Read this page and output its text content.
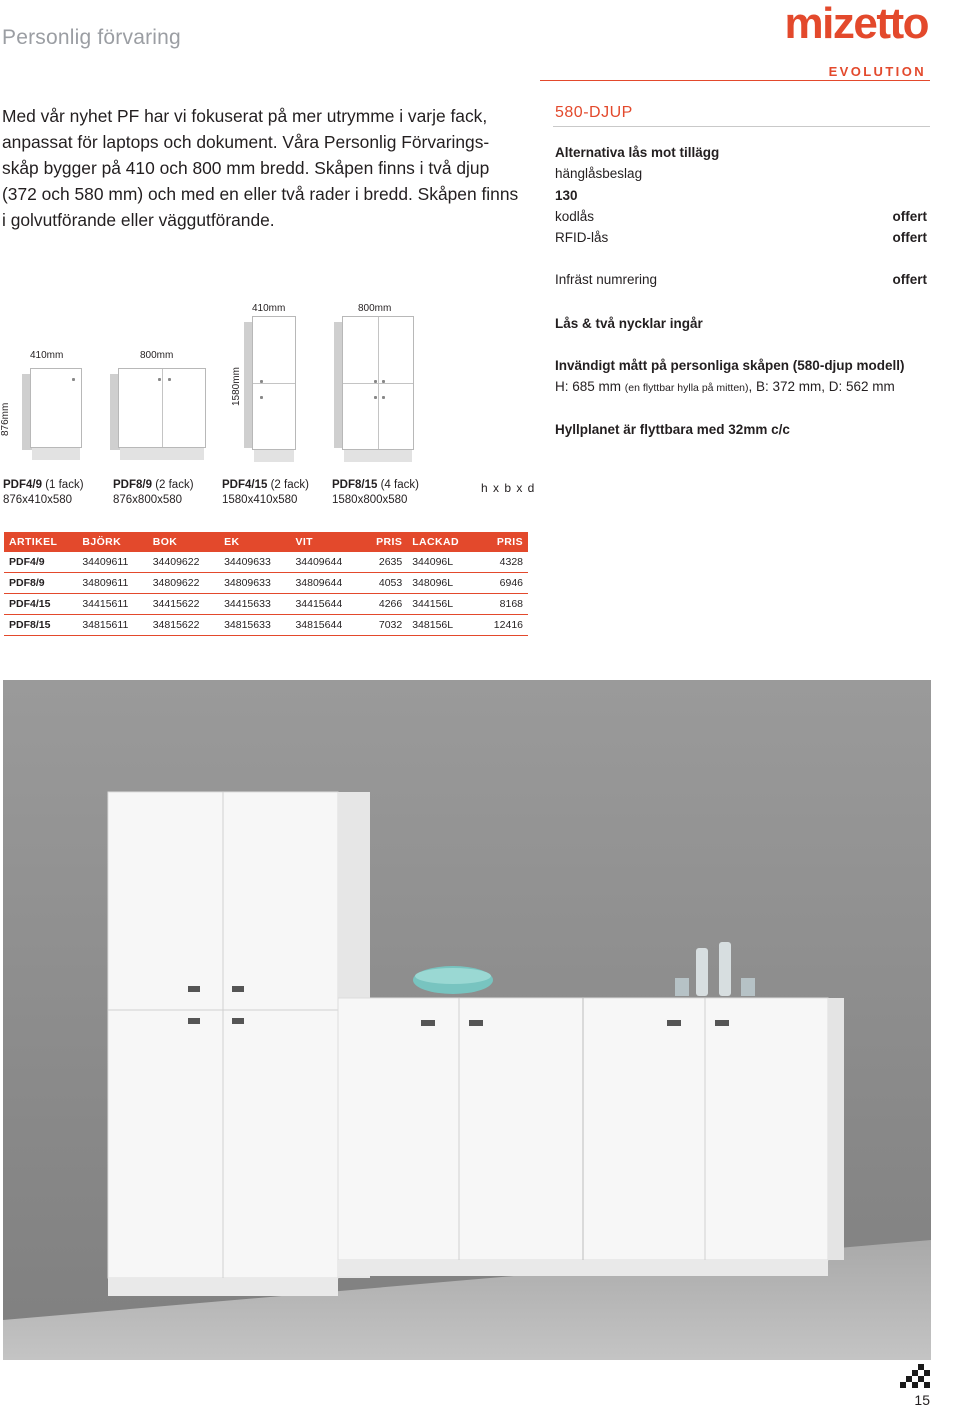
Personlig förvaring	mizetto
EVOLUTION
Med vår nyhet PF har vi fokuserat på mer utrymme i varje fack, anpassat för laptops och dokument. Våra Personlig Förvarings-skåp bygger på 410 och 800 mm bredd. Skåpen finns i två djup (372 och 580 mm) och med en eller två rader i bredd. Skåpen finns i golvutförande eller väggutförande.
580-DJUP
Alternativa lås mot tillägg
hänglåsbeslag
130
kodlås	offert
RFID-lås	offert
Infräst numrering	offert
Lås & två nycklar ingår
Invändigt mått på personliga skåpen (580-djup modell)
H: 685 mm (en flyttbar hylla på mitten), B: 372 mm, D: 562 mm
Hyllplanet är flyttbara med 32mm c/c
410mm	800mm
410mm	800mm
1580mm
876mm
PDF4/9 (1 fack)
876x410x580
PDF8/9 (2 fack)
876x800x580
PDF4/15 (2 fack)
1580x410x580
PDF8/15 (4 fack)
1580x800x580
h x b x d
ARTIKEL	BJÖRK	BOK	EK	VIT	PRIS	LACKAD	PRIS
PDF4/9	34409611	34409622	34409633	34409644	2635	344096L	4328
PDF8/9	34809611	34809622	34809633	34809644	4053	348096L	6946
PDF4/15	34415611	34415622	34415633	34415644	4266	344156L	8168
PDF8/15	34815611	34815622	34815633	34815644	7032	348156L	12416
15
